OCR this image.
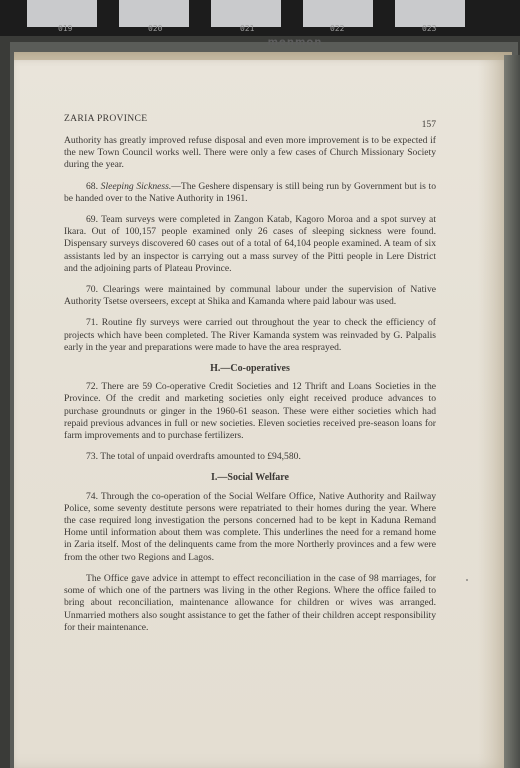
019	020	021	022	023
menmon
ZARIA PROVINCE
157

Authority has greatly improved refuse disposal and even more improvement is to be expected if the new Town Council works well. There were only a few cases of Church Missionary Society during the year.

68. Sleeping Sickness.—The Geshere dispensary is still being run by Government but is to be handed over to the Native Authority in 1961.

69. Team surveys were completed in Zangon Katab, Kagoro Moroa and a spot survey at Ikara. Out of 100,157 people examined only 26 cases of sleeping sickness were found. Dispensary surveys discovered 60 cases out of a total of 64,104 people examined. A team of six assistants led by an inspector is carrying out a mass survey of the Pitti people in Lere District and the adjoining parts of Plateau Province.

70. Clearings were maintained by communal labour under the supervision of Native Authority Tsetse overseers, except at Shika and Kamanda where paid labour was used.

71. Routine fly surveys were carried out throughout the year to check the efficiency of projects which have been completed. The River Kamanda system was reinvaded by G. Palpalis early in the year and preparations were made to have the area resprayed.

H.—Co-operatives

72. There are 59 Co-operative Credit Societies and 12 Thrift and Loans Societies in the Province. Of the credit and marketing societies only eight received produce advances to purchase groundnuts or ginger in the 1960-61 season. These were either societies which had repaid previous advances in full or new societies. Eleven societies received pre-season loans for farm improvements and to purchase fertilizers.

73. The total of unpaid overdrafts amounted to £94,580.

I.—Social Welfare

74. Through the co-operation of the Social Welfare Office, Native Authority and Railway Police, some seventy destitute persons were repatriated to their homes during the year. Where the case required long investigation the persons concerned had to be kept in Kaduna Remand Home until information about them was complete. This underlines the need for a remand home in Zaria itself. Most of the delinquents came from the more Northerly provinces and a few were from the other two Regions and Lagos.

The Office gave advice in attempt to effect reconciliation in the case of 98 marriages, for some of which one of the partners was living in the other Regions. Where the office failed to bring about reconciliation, maintenance allowance for children or wives was arranged. Unmarried mothers also sought assistance to get the father of their children accept responsibility for their maintenance.
